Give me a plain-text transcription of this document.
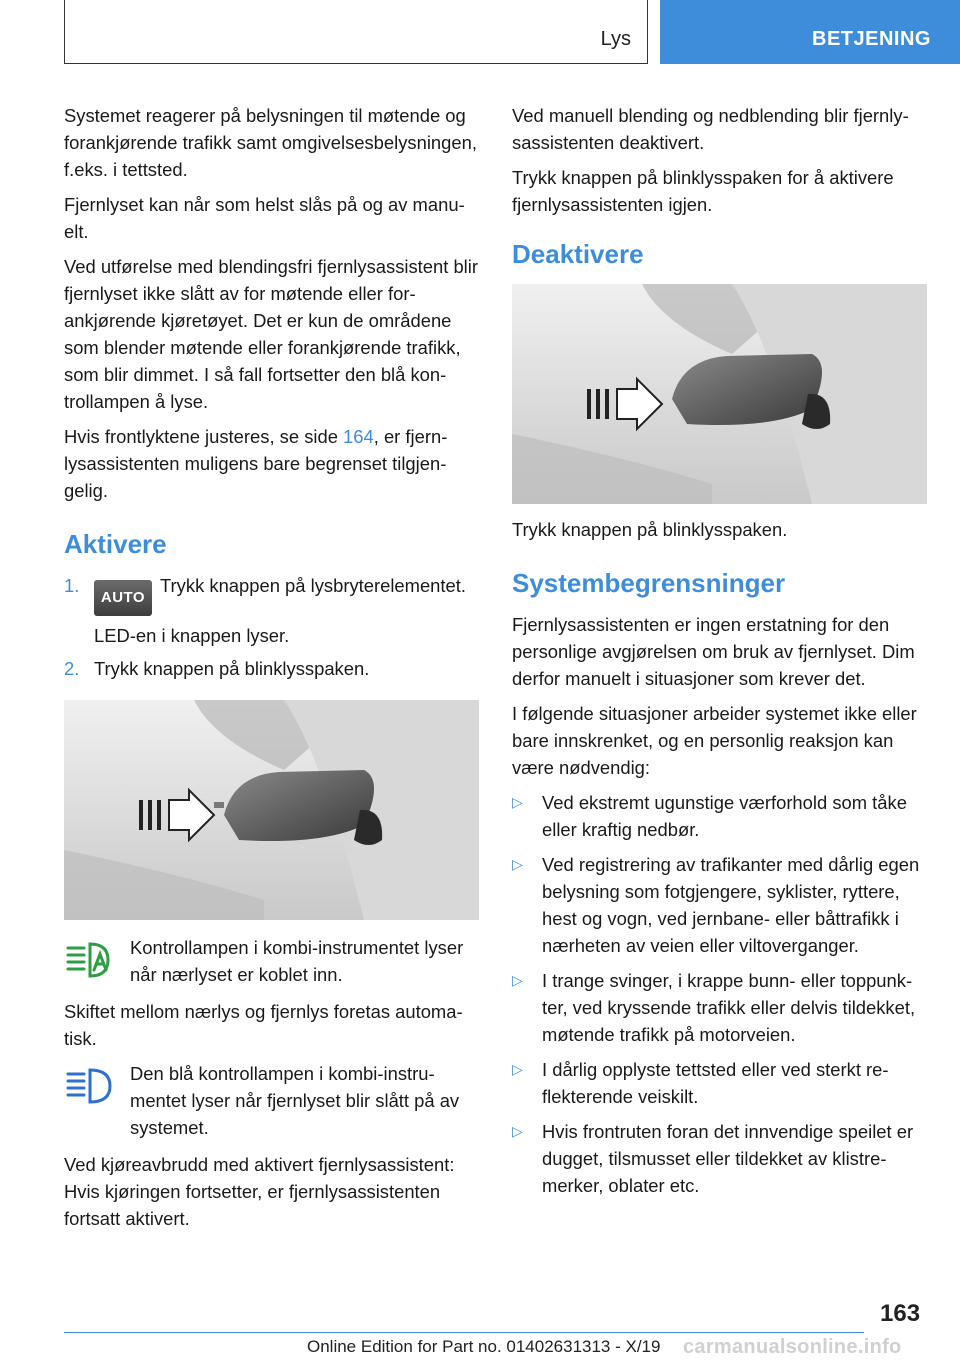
Lys	BETJENING

Systemet reagerer på belysningen til møtende og forankjørende trafikk samt omgivelsesbelysningen, f.eks. i tettsted.

Fjernlyset kan når som helst slås på og av manuelt.

Ved utførelse med blendingsfri fjernlysassistent blir fjernlyset ikke slått av for møtende eller forankjørende kjøretøyet. Det er kun de områdene som blender møtende eller forankjørende trafikk, som blir dimmet. I så fall fortsetter den blå kontrollampen å lyse.

Hvis frontlyktene justeres, se side 164, er fjernlysassistenten muligens bare begrenset tilgjengelig.

Aktivere
1.
AUTOTrykk knappen på lysbryterelementet.
LED-en i knappen lyser.
2. Trykk knappen på blinklysspaken.

Kontrollampen i kombi-instrumentet lyser når nærlyset er koblet inn.

Skiftet mellom nærlys og fjernlys foretas automatisk.

Den blå kontrollampen i kombi-instrumentet lyser når fjernlyset blir slått på av systemet.

Ved kjøreavbrudd med aktivert fjernlysassistent: Hvis kjøringen fortsetter, er fjernlysassistenten fortsatt aktivert.

Ved manuell blending og nedblending blir fjernlysassistenten deaktivert.

Trykk knappen på blinklysspaken for å aktivere fjernlysassistenten igjen.

Deaktivere

Trykk knappen på blinklysspaken.

Systembegrensninger

Fjernlysassistenten er ingen erstatning for den personlige avgjørelsen om bruk av fjernlyset. Dim derfor manuelt i situasjoner som krever det.

I følgende situasjoner arbeider systemet ikke eller bare innskrenket, og en personlig reaksjon kan være nødvendig:

▷ Ved ekstremt ugunstige værforhold som tåke eller kraftig nedbør.
▷ Ved registrering av trafikanter med dårlig egen belysning som fotgjengere, syklister, ryttere, hest og vogn, ved jernbane- eller båttrafikk i nærheten av veien eller viltoverganger.
▷ I trange svinger, i krappe bunn- eller toppunkter, ved kryssende trafikk eller delvis tildekket, møtende trafikk på motorveien.
▷ I dårlig opplyste tettsted eller ved sterkt reflekterende veiskilt.
▷ Hvis frontruten foran det innvendige speilet er dugget, tilsmusset eller tildekket av klistremerker, oblater etc.
163
Online Edition for Part no. 01402631313 - X/19 carmanualsonline.info
